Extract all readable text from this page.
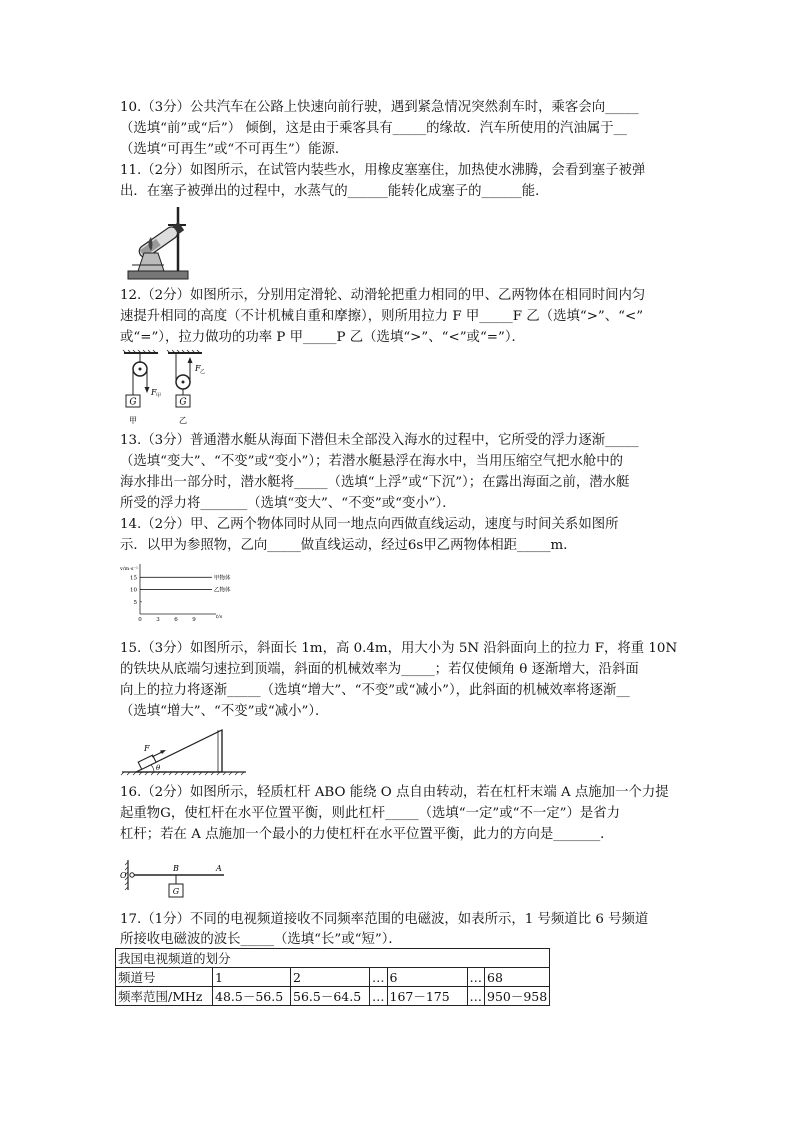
10.（3分）公共汽车在公路上快速向前行驶，遇到紧急情况突然刹车时，乘客会向_____
（选填“前”或“后”） 倾倒，这是由于乘客具有_____的缘故．汽车所使用的汽油属于__
（选填“可再生”或“不可再生”）能源．
11.（2分）如图所示，在试管内装些水，用橡皮塞塞住，加热使水沸腾，会看到塞子被弹
出．在塞子被弹出的过程中，水蒸气的______能转化成塞子的______能．
12.（2分）如图所示，分别用定滑轮、动滑轮把重力相同的甲、乙两物体在相同时间内匀
速提升相同的高度（不计机械自重和摩擦），则所用拉力 F 甲_____F 乙（选填“>”、“<”
或“=”），拉力做功的功率 P 甲_____P 乙（选填“>”、“<”或“=”）．
G
F 甲
甲
G
F 乙
乙
13.（3分）普通潜水艇从海面下潜但未全部没入海水的过程中，它所受的浮力逐渐_____
（选填“变大”、“不变”或“变小”）；若潜水艇悬浮在海水中，当用压缩空气把水舱中的
海水排出一部分时，潜水艇将_____（选填“上浮”或“下沉”）；在露出海面之前，潜水艇
所受的浮力将_______（选填“变大”、“不变”或“变小”）．
14.（2分）甲、乙两个物体同时从同一地点向西做直线运动，速度与时间关系如图所
示．以甲为参照物，乙向_____做直线运动，经过6s甲乙两物体相距_____m．
v/m·s⁻¹
t/s
15
10
5
0	3	6	9
甲物体
乙物体
15.（3分）如图所示，斜面长 1m，高 0.4m，用大小为 5N 沿斜面向上的拉力 F，将重 10N
的铁块从底端匀速拉到顶端，斜面的机械效率为_____；若仅使倾角 θ 逐渐增大，沿斜面
向上的拉力将逐渐_____（选填“增大”、“不变”或“减小”），此斜面的机械效率将逐渐__
（选填“增大”、“不变”或“减小”）．
F
θ
16.（2分）如图所示，轻质杠杆 ABO 能绕 O 点自由转动，若在杠杆末端 A 点施加一个力提
起重物G，使杠杆在水平位置平衡，则此杠杆_____（选填“一定”或“不一定”）是省力
杠杆；若在 A 点施加一个最小的力使杠杆在水平位置平衡，此力的方向是_______．
G
O
B	A
17.（1分）不同的电视频道接收不同频率范围的电磁波，如表所示，1 号频道比 6 号频道
所接收电磁波的波长_____（选填“长”或“短”）．
我国电视频道的划分						
频道号	1	2	…	6	…	68
频率范围/MHz	48.5－56.5	56.5－64.5	…	167－175	…	950－958
